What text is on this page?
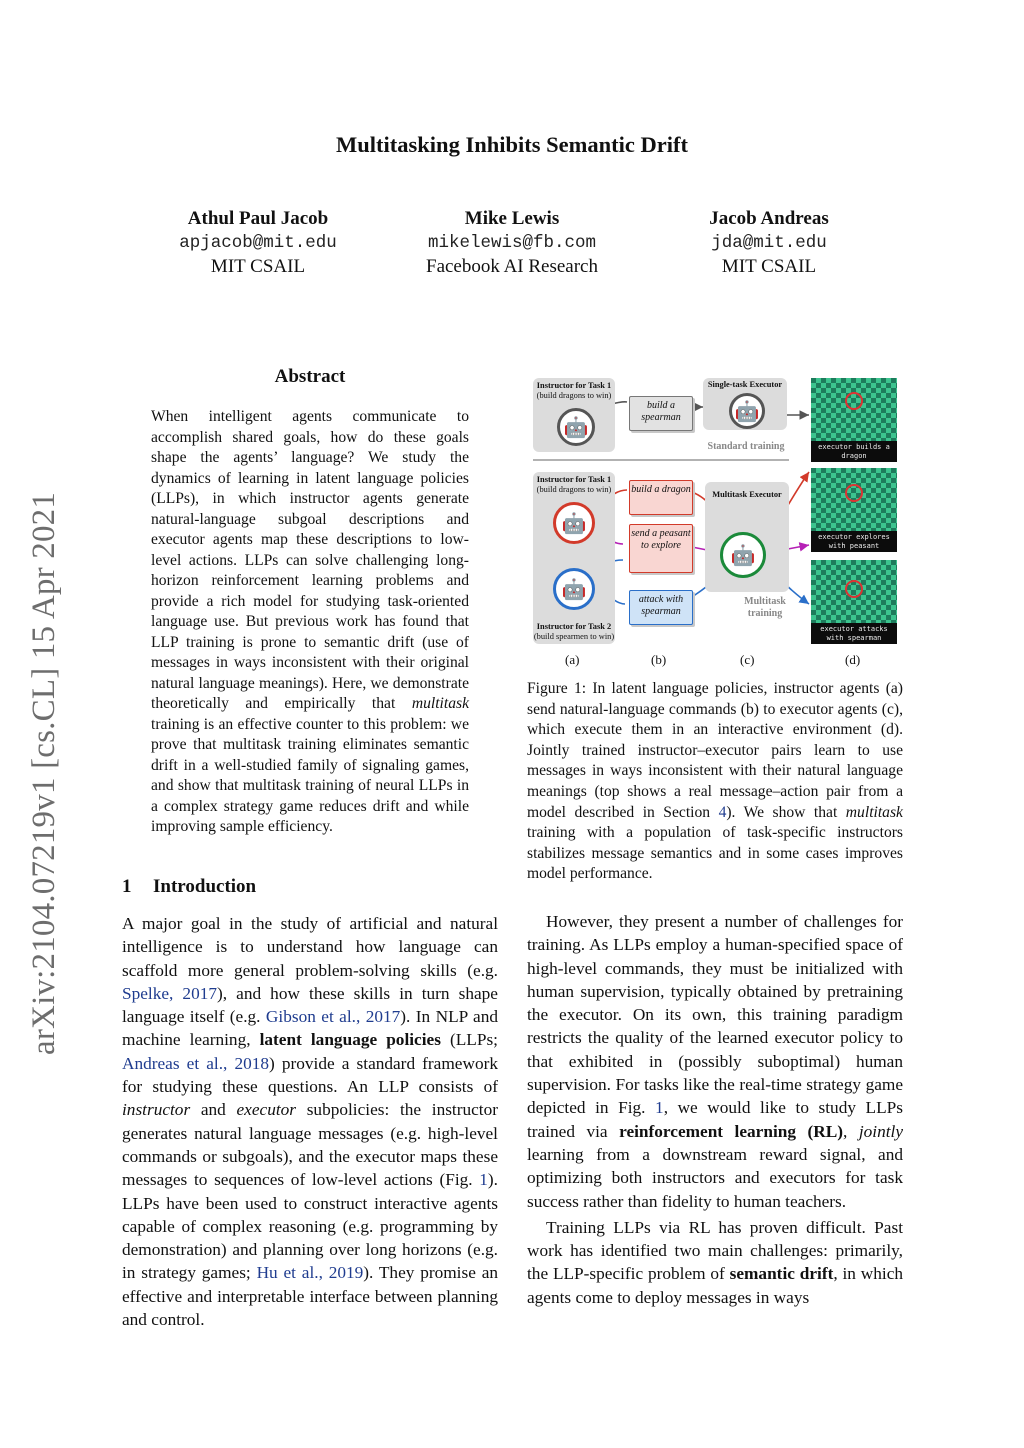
Multitasking Inhibits Semantic Drift
Athul Paul Jacob
apjacob@mit.edu
MIT CSAIL
Mike Lewis
mikelewis@fb.com
Facebook AI Research
Jacob Andreas
jda@mit.edu
MIT CSAIL
arXiv:2104.07219v1 [cs.CL] 15 Apr 2021
Abstract
When intelligent agents communicate to accomplish shared goals, how do these goals shape the agents’ language? We study the dynamics of learning in latent language policies (LLPs), in which instructor agents generate natural-language subgoal descriptions and executor agents map these descriptions to low-level actions. LLPs can solve challenging long-horizon reinforcement learning problems and provide a rich model for studying task-oriented language use. But previous work has found that LLP training is prone to semantic drift (use of messages in ways inconsistent with their original natural language meanings). Here, we demonstrate theoretically and empirically that multitask training is an effective counter to this problem: we prove that multitask training eliminates semantic drift in a well-studied family of signaling games, and show that multitask training of neural LLPs in a complex strategy game reduces drift and while improving sample efficiency.
1 Introduction
A major goal in the study of artificial and natural intelligence is to understand how language can scaffold more general problem-solving skills (e.g. Spelke, 2017), and how these skills in turn shape language itself (e.g. Gibson et al., 2017). In NLP and machine learning, latent language policies (LLPs; Andreas et al., 2018) provide a standard framework for studying these questions. An LLP consists of instructor and executor subpolicies: the instructor generates natural language messages (e.g. high-level commands or subgoals), and the executor maps these messages to sequences of low-level actions (Fig. 1). LLPs have been used to construct interactive agents capable of complex reasoning (e.g. programming by demonstration) and planning over long horizons (e.g. in strategy games; Hu et al., 2019). They promise an effective and interpretable interface between planning and control.
Instructor for Task 1
(build dragons to win)
🤖
build a spearman
Single-task Executor
🤖
Standard training
Instructor for Task 1
(build dragons to win)
🤖
🤖
Instructor for Task 2
(build spearmen to win)
build a dragon
send a peasant to explore
attack with spearman
Multitask Executor
🤖
Multitask training
executor builds a dragon
executor explores with peasant
executor attacks with spearman
(a)	(b)	(c)	(d)
Figure 1: In latent language policies, instructor agents (a) send natural-language commands (b) to executor agents (c), which execute them in an interactive environment (d). Jointly trained instructor–executor pairs learn to use messages in ways inconsistent with their natural language meanings (top shows a real message–action pair from a model described in Section 4). We show that multitask training with a population of task-specific instructors stabilizes message semantics and in some cases improves model performance.

However, they present a number of challenges for training. As LLPs employ a human-specified space of high-level commands, they must be initialized with human supervision, typically obtained by pretraining the executor. On its own, this training paradigm restricts the quality of the learned executor policy to that exhibited in (possibly suboptimal) human supervision. For tasks like the real-time strategy game depicted in Fig. 1, we would like to study LLPs trained via reinforcement learning (RL), jointly learning from a downstream reward signal, and optimizing both instructors and executors for task success rather than fidelity to human teachers.

Training LLPs via RL has proven difficult. Past work has identified two main challenges: primarily, the LLP-specific problem of semantic drift, in which agents come to deploy messages in ways
